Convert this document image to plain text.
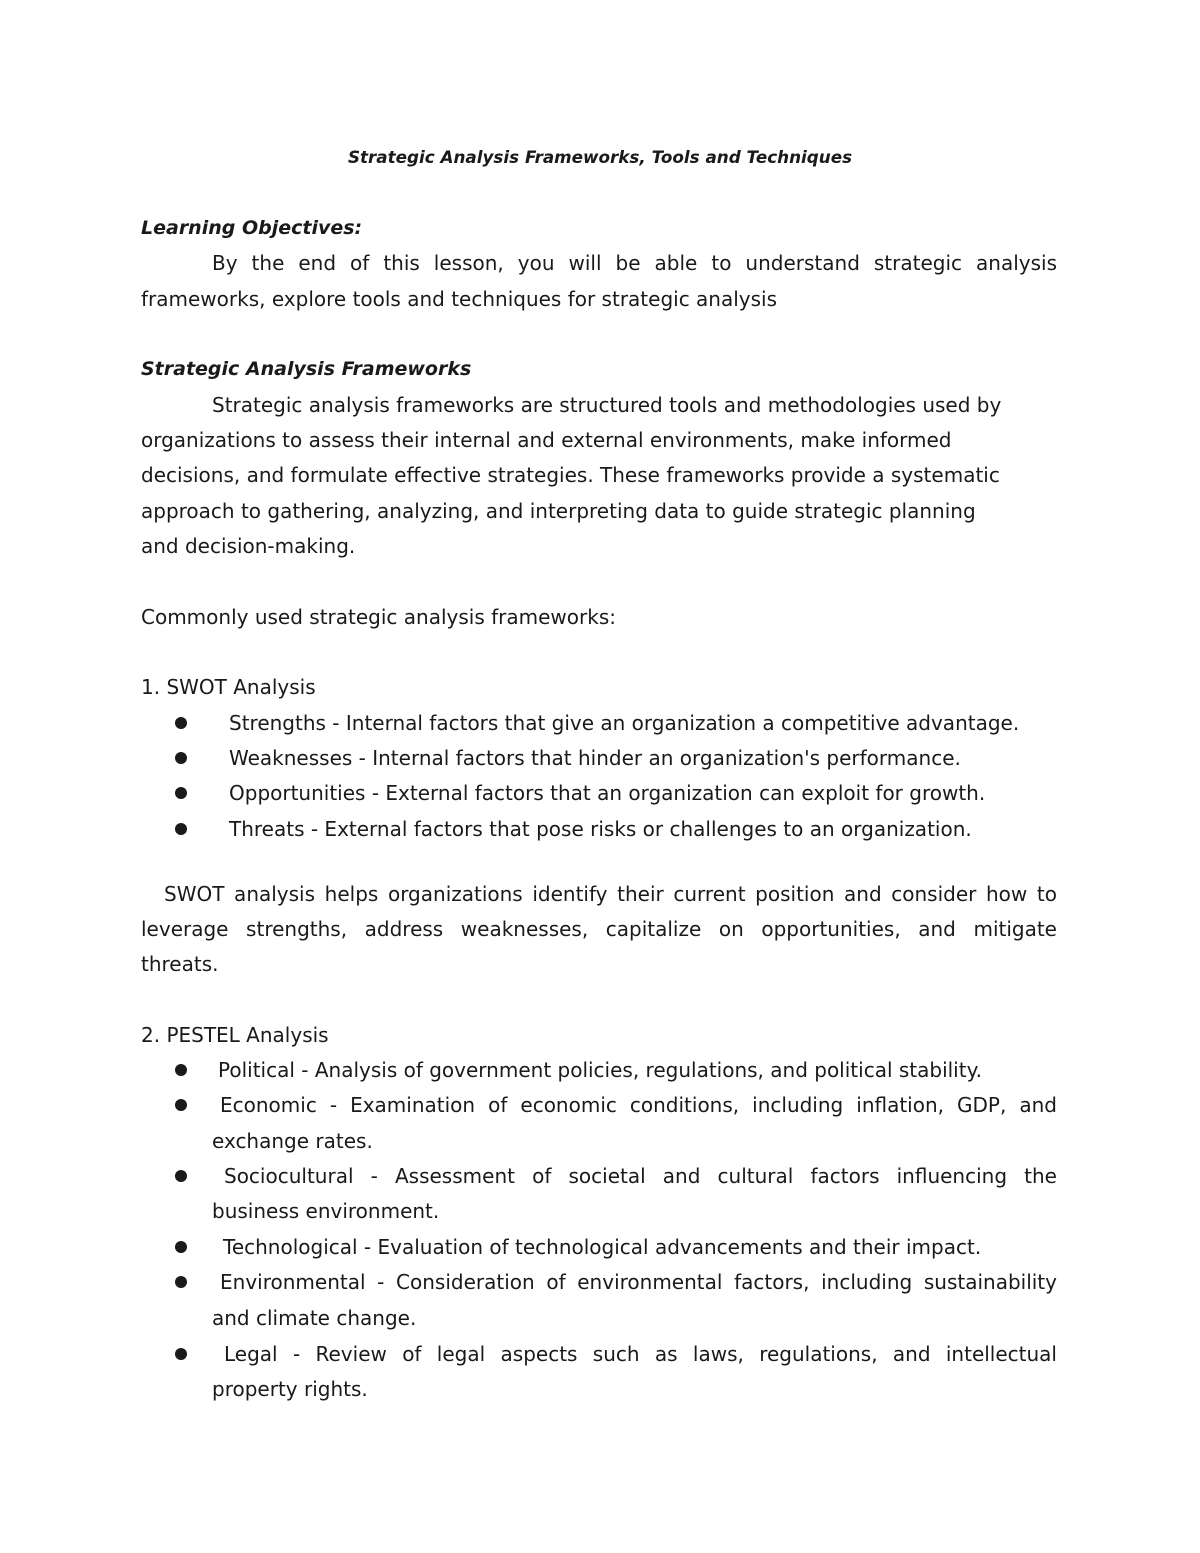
Strategic Analysis Frameworks, Tools and Techniques
Learning Objectives:
By the end of this lesson, you will be able to understand strategic analysis
frameworks, explore tools and techniques for strategic analysis
Strategic Analysis Frameworks
Strategic analysis frameworks are structured tools and methodologies used by
organizations to assess their internal and external environments, make informed
decisions, and formulate effective strategies. These frameworks provide a systematic
approach to gathering, analyzing, and interpreting data to guide strategic planning
and decision-making.
Commonly used strategic analysis frameworks:
1. SWOT Analysis
Strengths - Internal factors that give an organization a competitive advantage.
Weaknesses - Internal factors that hinder an organization's performance.
Opportunities - External factors that an organization can exploit for growth.
Threats - External factors that pose risks or challenges to an organization.
SWOT analysis helps organizations identify their current position and consider how to
leverage strengths, address weaknesses, capitalize on opportunities, and mitigate
threats.
2. PESTEL Analysis
Political - Analysis of government policies, regulations, and political stability.
Economic - Examination of economic conditions, including inflation, GDP, and
exchange rates.
Sociocultural - Assessment of societal and cultural factors influencing the
business environment.
Technological - Evaluation of technological advancements and their impact.
Environmental - Consideration of environmental factors, including sustainability
and climate change.
Legal - Review of legal aspects such as laws, regulations, and intellectual
property rights.
